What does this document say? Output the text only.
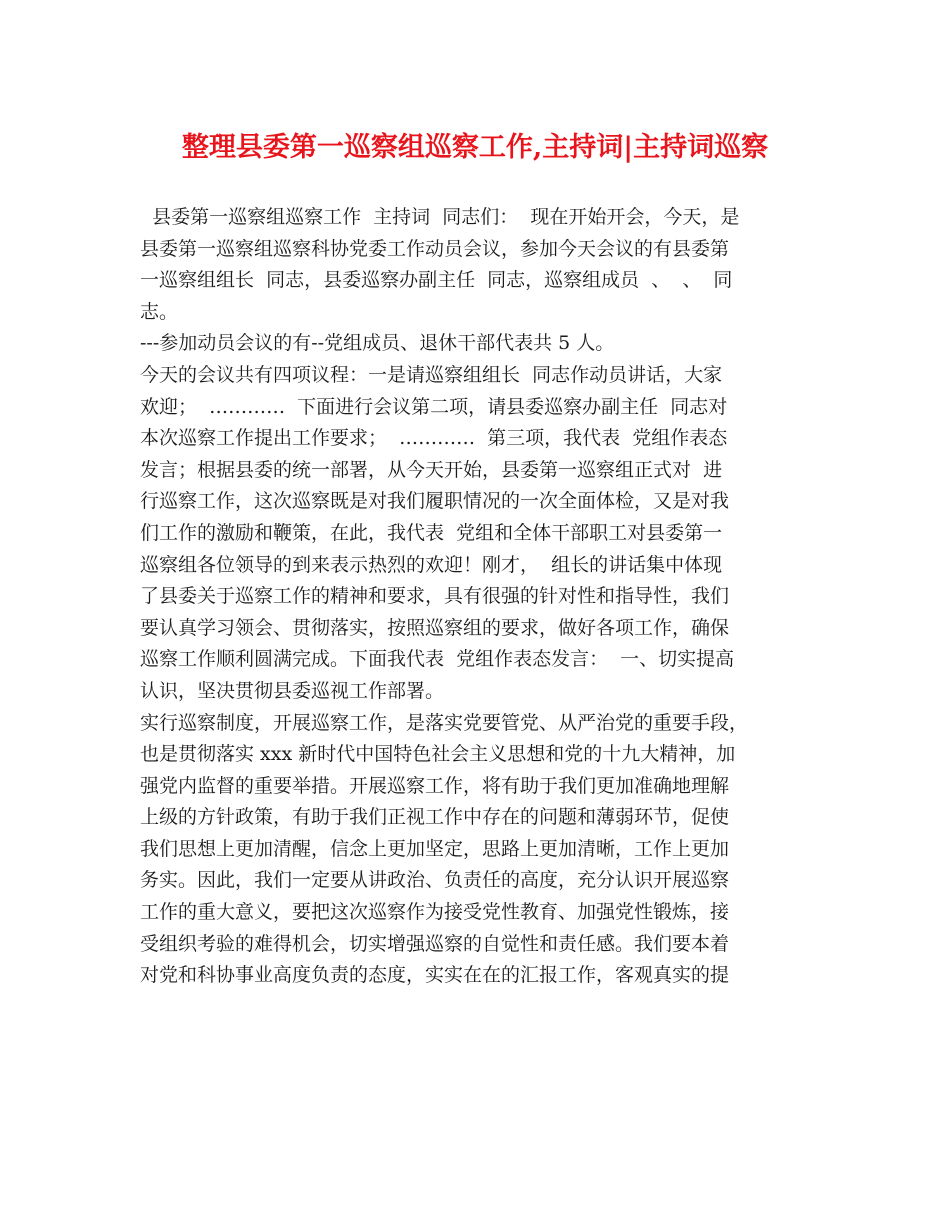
整理县委第一巡察组巡察工作,主持词|主持词巡察
县委第一巡察组巡察工作  主持词  同志们：  现在开始开会，今天，是
县委第一巡察组巡察科协党委工作动员会议，参加今天会议的有县委第
一巡察组组长  同志，县委巡察办副主任  同志，巡察组成员  、  、  同
志。
---参加动员会议的有--党组成员、退休干部代表共 5 人。
今天的会议共有四项议程：一是请巡察组组长  同志作动员讲话，大家
欢迎；  …………  下面进行会议第二项，请县委巡察办副主任  同志对
本次巡察工作提出工作要求；  …………  第三项，我代表  党组作表态
发言；根据县委的统一部署，从今天开始，县委第一巡察组正式对  进
行巡察工作，这次巡察既是对我们履职情况的一次全面体检，又是对我
们工作的激励和鞭策，在此，我代表  党组和全体干部职工对县委第一
巡察组各位领导的到来表示热烈的欢迎！刚才，  组长的讲话集中体现
了县委关于巡察工作的精神和要求，具有很强的针对性和指导性，我们
要认真学习领会、贯彻落实，按照巡察组的要求，做好各项工作，确保
巡察工作顺利圆满完成。下面我代表  党组作表态发言：  一、切实提高
认识，坚决贯彻县委巡视工作部署。
实行巡察制度，开展巡察工作，是落实党要管党、从严治党的重要手段，
也是贯彻落实 xxx 新时代中国特色社会主义思想和党的十九大精神，加
强党内监督的重要举措。开展巡察工作，将有助于我们更加准确地理解
上级的方针政策，有助于我们正视工作中存在的问题和薄弱环节，促使
我们思想上更加清醒，信念上更加坚定，思路上更加清晰，工作上更加
务实。因此，我们一定要从讲政治、负责任的高度，充分认识开展巡察
工作的重大意义，要把这次巡察作为接受党性教育、加强党性锻炼，接
受组织考验的难得机会，切实增强巡察的自觉性和责任感。我们要本着
对党和科协事业高度负责的态度，实实在在的汇报工作，客观真实的提
